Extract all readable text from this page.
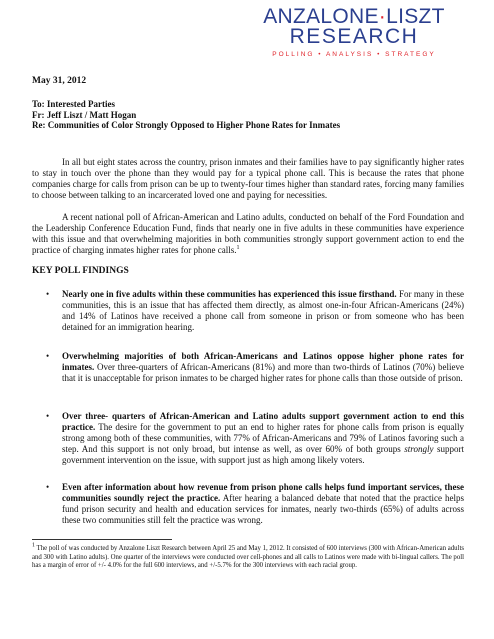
ANZALONE·LISZT
RESEARCH
POLLING • ANALYSIS • STRATEGY
May 31, 2012
To: Interested Parties
Fr: Jeff Liszt / Matt Hogan
Re: Communities of Color Strongly Opposed to Higher Phone Rates for Inmates
In all but eight states across the country, prison inmates and their families have to pay significantly higher rates to stay in touch over the phone than they would pay for a typical phone call. This is because the rates that phone companies charge for calls from prison can be up to twenty-four times higher than standard rates, forcing many families to choose between talking to an incarcerated loved one and paying for necessities.
A recent national poll of African-American and Latino adults, conducted on behalf of the Ford Foundation and the Leadership Conference Education Fund, finds that nearly one in five adults in these communities have experience with this issue and that overwhelming majorities in both communities strongly support government action to end the practice of charging inmates higher rates for phone calls.$^1$
KEY POLL FINDINGS
• Nearly one in five adults within these communities has experienced this issue firsthand. For many in these communities, this is an issue that has affected them directly, as almost one-in-four African-Americans (24%) and 14% of Latinos have received a phone call from someone in prison or from someone who has been detained for an immigration hearing.
• Overwhelming majorities of both African-Americans and Latinos oppose higher phone rates for inmates. Over three-quarters of African-Americans (81%) and more than two-thirds of Latinos (70%) believe that it is unacceptable for prison inmates to be charged higher rates for phone calls than those outside of prison.
• Over three- quarters of African-American and Latino adults support government action to end this practice. The desire for the government to put an end to higher rates for phone calls from prison is equally strong among both of these communities, with 77% of African-Americans and 79% of Latinos favoring such a step. And this support is not only broad, but intense as well, as over 60% of both groups strongly support government intervention on the issue, with support just as high among likely voters.
• Even after information about how revenue from prison phone calls helps fund important services, these communities soundly reject the practice. After hearing a balanced debate that noted that the practice helps fund prison security and health and education services for inmates, nearly two-thirds (65%) of adults across these two communities still felt the practice was wrong.
$^1$ The poll of was conducted by Anzalone Liszt Research between April 25 and May 1, 2012. It consisted of 600 interviews (300 with African-American adults and 300 with Latino adults). One quarter of the interviews were conducted over cell-phones and all calls to Latinos were made with bi-lingual callers. The poll has a margin of error of +/- 4.0% for the full 600 interviews, and +/-5.7% for the 300 interviews with each racial group.
